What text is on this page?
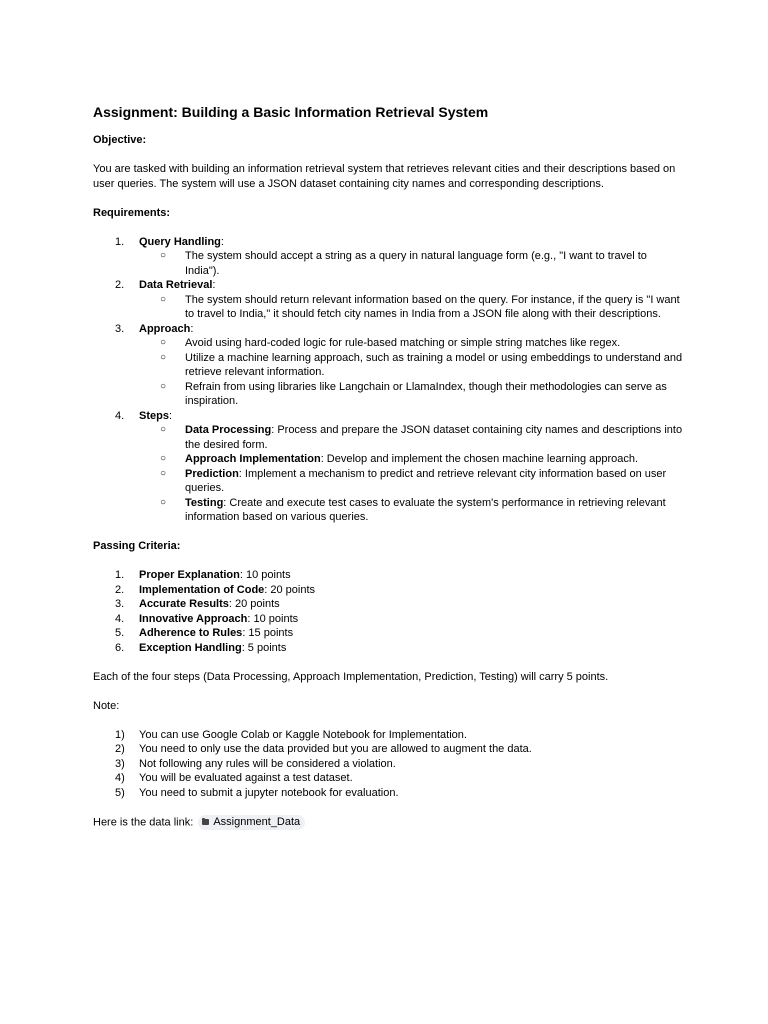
Assignment: Building a Basic Information Retrieval System
Objective:

You are tasked with building an information retrieval system that retrieves relevant cities and their descriptions based on user queries. The system will use a JSON dataset containing city names and corresponding descriptions.

Requirements:
1. Query Handling:
○ The system should accept a string as a query in natural language form (e.g., "I want to travel to India").
2. Data Retrieval:
○ The system should return relevant information based on the query. For instance, if the query is "I want to travel to India," it should fetch city names in India from a JSON file along with their descriptions.
3. Approach:
○ Avoid using hard-coded logic for rule-based matching or simple string matches like regex.
○ Utilize a machine learning approach, such as training a model or using embeddings to understand and retrieve relevant information.
○ Refrain from using libraries like Langchain or LlamaIndex, though their methodologies can serve as inspiration.
4. Steps:
○ Data Processing: Process and prepare the JSON dataset containing city names and descriptions into the desired form.
○ Approach Implementation: Develop and implement the chosen machine learning approach.
○ Prediction: Implement a mechanism to predict and retrieve relevant city information based on user queries.
○ Testing: Create and execute test cases to evaluate the system's performance in retrieving relevant information based on various queries.
Passing Criteria:
1. Proper Explanation: 10 points
2. Implementation of Code: 20 points
3. Accurate Results: 20 points
4. Innovative Approach: 10 points
5. Adherence to Rules: 15 points
6. Exception Handling: 5 points

Each of the four steps (Data Processing, Approach Implementation, Prediction, Testing) will carry 5 points.

Note:

1) You can use Google Colab or Kaggle Notebook for Implementation.
2) You need to only use the data provided but you are allowed to augment the data.
3) Not following any rules will be considered a violation.
4) You will be evaluated against a test dataset.
5) You need to submit a jupyter notebook for evaluation.

Here is the data link: Assignment_Data
